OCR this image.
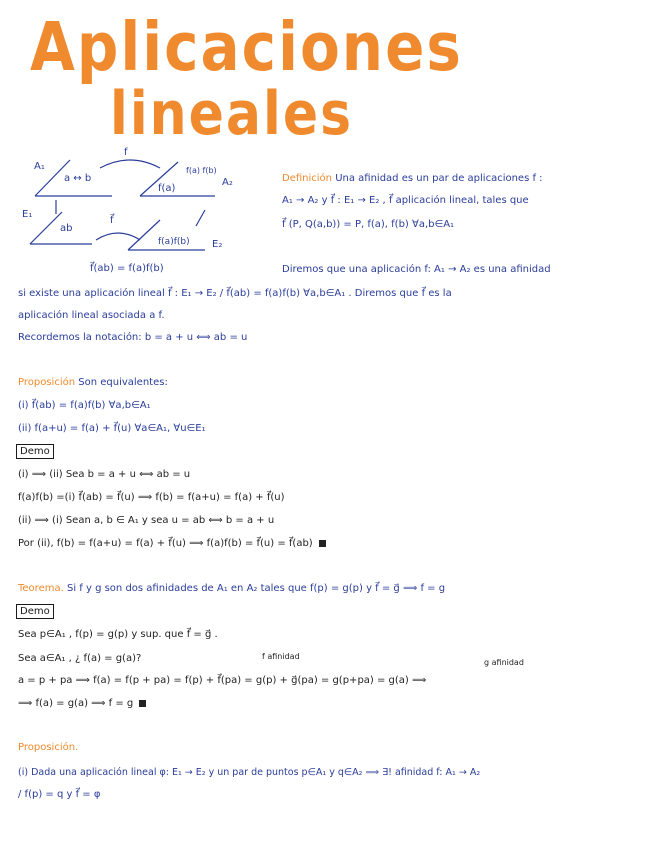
Aplicaciones
lineales
A₁
A₂
E₁
E₂
a ↔ b
f
f(a) f(b)
f(a)
ab
f⃗
f(a)f(b)
f⃗(ab) = f(a)f(b)
Definición Una afinidad es un par de aplicaciones f :
A₁ → A₂ y f⃗ : E₁ → E₂ , f⃗ aplicación lineal, tales que
f⃗ (P, Q(a,b)) = P, f(a), f(b) ∀a,b∈A₁
Diremos que una aplicación f: A₁ → A₂ es una afinidad
si existe una aplicación lineal f⃗ : E₁ → E₂ / f⃗(ab) = f(a)f(b) ∀a,b∈A₁ . Diremos que f⃗ es la
aplicación lineal asociada a f.
Recordemos la notación: b = a + u ⟺ ab = u
Proposición Son equivalentes:
(i) f⃗(ab) = f(a)f(b) ∀a,b∈A₁
(ii) f(a+u) = f(a) + f⃗(u) ∀a∈A₁, ∀u∈E₁
Demo
(i) ⟹ (ii) Sea b = a + u ⟺ ab = u
f(a)f(b) =(i) f⃗(ab) = f⃗(u) ⟹ f(b) = f(a+u) = f(a) + f⃗(u)
(ii) ⟹ (i) Sean a, b ∈ A₁ y sea u = ab ⟺ b = a + u
Por (ii), f(b) = f(a+u) = f(a) + f⃗(u) ⟹ f(a)f(b) = f⃗(u) = f⃗(ab)
Teorema. Si f y g son dos afinidades de A₁ en A₂ tales que f(p) = g(p) y f⃗ = g⃗ ⟹ f = g
Demo
Sea p∈A₁ , f(p) = g(p) y sup. que f⃗ = g⃗ .
Sea a∈A₁ , ¿ f(a) = g(a)?	f afinidad
g afinidad
a = p + pa ⟹ f(a) = f(p + pa) = f(p) + f⃗(pa) = g(p) + g⃗(pa) = g(p+pa) = g(a) ⟹
⟹ f(a) = g(a) ⟹ f = g
Proposición.
(i) Dada una aplicación lineal φ: E₁ → E₂ y un par de puntos p∈A₁ y q∈A₂ ⟹ ∃! afinidad f: A₁ → A₂
/ f(p) = q y f⃗ = φ
